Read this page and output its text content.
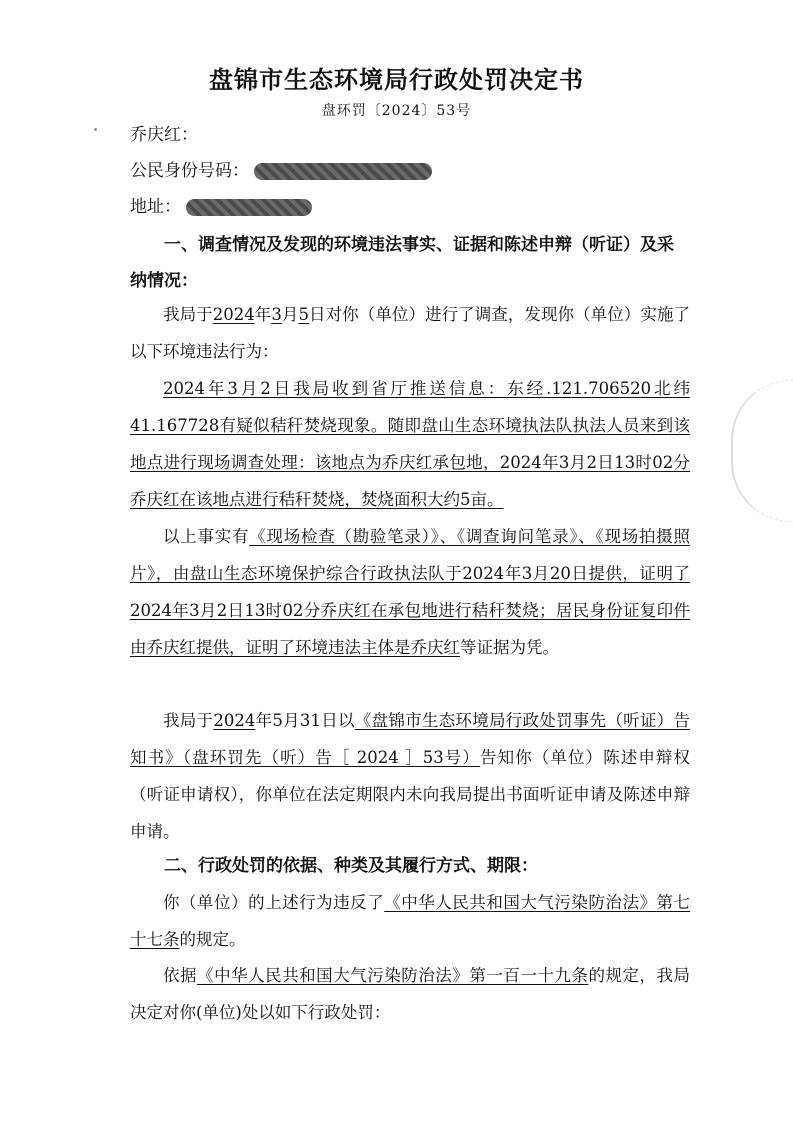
盘锦市生态环境局行政处罚决定书
盘环罚〔2024〕53号
乔庆红：
公民身份号码：
地址：
一、调查情况及发现的环境违法事实、证据和陈述申辩（听证）及采纳情况：
我局于2024年3月5日对你（单位）进行了调查，发现你（单位）实施了以下环境违法行为：
2024年3月2日我局收到省厅推送信息：东经.121.706520北纬41.167728有疑似秸秆焚烧现象。随即盘山生态环境执法队执法人员来到该地点进行现场调查处理：该地点为乔庆红承包地，2024年3月2日13时02分乔庆红在该地点进行秸秆焚烧，焚烧面积大约5亩。
以上事实有《现场检查（勘验笔录）》、《调查询问笔录》、《现场拍摄照片》，由盘山生态环境保护综合行政执法队于2024年3月20日提供，证明了2024年3月2日13时02分乔庆红在承包地进行秸秆焚烧；居民身份证复印件由乔庆红提供，证明了环境违法主体是乔庆红等证据为凭。
我局于2024年5月31日以《盘锦市生态环境局行政处罚事先（听证）告知书》（盘环罚先（听）告［ 2024 ］53号）告知你（单位）陈述申辩权（听证申请权），你单位在法定期限内未向我局提出书面听证申请及陈述申辩申请。
二、行政处罚的依据、种类及其履行方式、期限：
你（单位）的上述行为违反了《中华人民共和国大气污染防治法》第七十七条的规定。
依据《中华人民共和国大气污染防治法》第一百一十九条的规定，我局决定对你(单位)处以如下行政处罚：
